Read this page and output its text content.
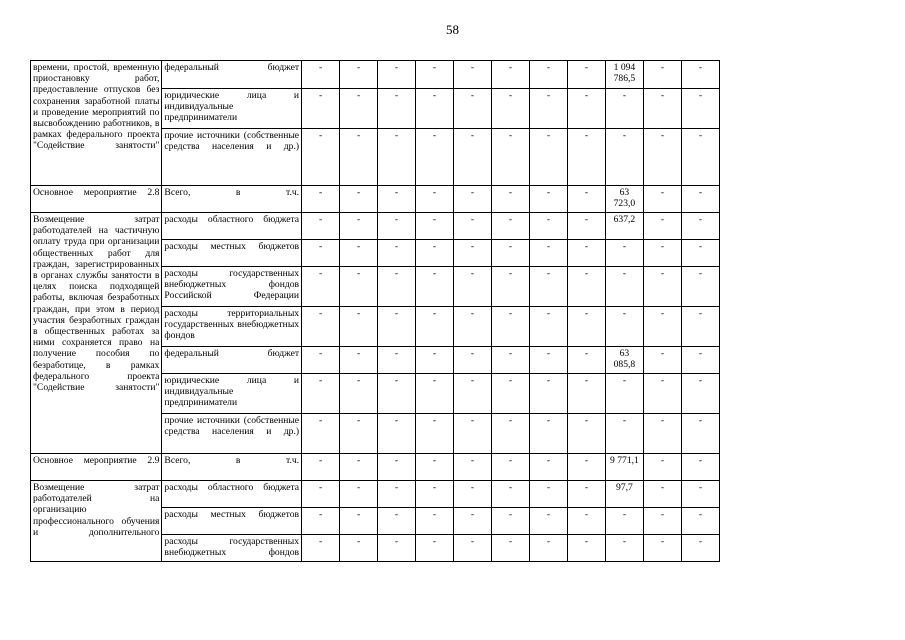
58
времени, простой, временную приостановку работ, предоставление отпусков без сохранения заработной платы и проведение мероприятий по высвобождению работников, в рамках федерального проекта "Содействие занятости"	федеральный бюджет	-	-	-	-	-	-	-	-	1 094 786,5	-	-
	юридические лица и индивидуальные предприниматели	-	-	-	-	-	-	-	-	-	-	-
	прочие источники (собственные средства населения и др.)	-	-	-	-	-	-	-	-	-	-	-
Основное мероприятие 2.8	Всего, в т.ч.	-	-	-	-	-	-	-	-	63 723,0	-	-
Возмещение затрат работодателей на частичную оплату труда при организации общественных работ для граждан, зарегистрированных в органах службы занятости в целях поиска подходящей работы, включая безработных граждан, при этом в период участия безработных граждан в общественных работах за ними сохраняется право на получение пособия по безработице, в рамках федерального проекта "Содействие занятости"	расходы областного бюджета	-	-	-	-	-	-	-	-	637,2	-	-
	расходы местных бюджетов	-	-	-	-	-	-	-	-	-	-	-
	расходы государственных внебюджетных фондов Российской Федерации	-	-	-	-	-	-	-	-	-	-	-
	расходы территориальных государственных внебюджетных фондов	-	-	-	-	-	-	-	-	-	-	-
	федеральный бюджет	-	-	-	-	-	-	-	-	63 085,8	-	-
	юридические лица и индивидуальные предприниматели	-	-	-	-	-	-	-	-	-	-	-
	прочие источники (собственные средства населения и др.)	-	-	-	-	-	-	-	-	-	-	-
Основное мероприятие 2.9	Всего, в т.ч.	-	-	-	-	-	-	-	-	9 771,1	-	-
Возмещение затрат работодателей на организацию профессионального обучения и дополнительного	расходы областного бюджета	-	-	-	-	-	-	-	-	97,7	-	-
	расходы местных бюджетов	-	-	-	-	-	-	-	-	-	-	-
	расходы государственных внебюджетных фондов	-	-	-	-	-	-	-	-	-	-	-
